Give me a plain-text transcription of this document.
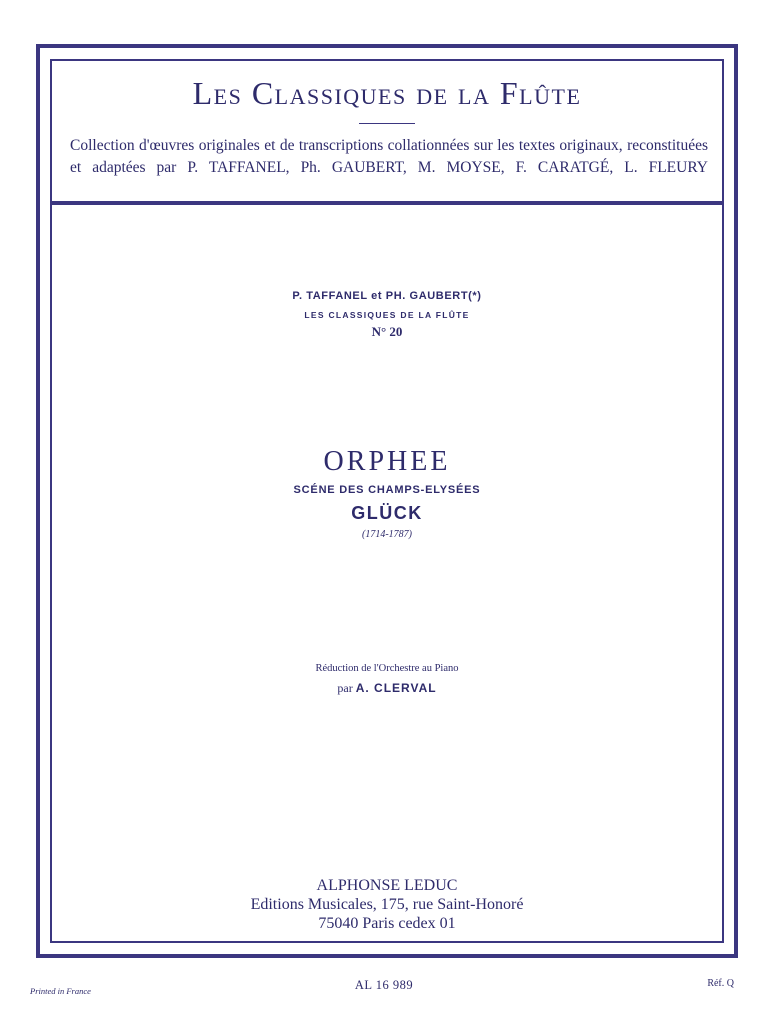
Les Classiques de la Flûte
Collection d'œuvres originales et de transcriptions collationnées sur les textes originaux, reconstituées
et adaptées par P. TAFFANEL, Ph. GAUBERT, M. MOYSE, F. CARATGÉ, L. FLEURY
P. TAFFANEL et PH. GAUBERT(*)
LES CLASSIQUES DE LA FLÛTE
N° 20
ORPHEE
SCÉNE DES CHAMPS-ELYSÉES
GLÜCK
(1714-1787)
Réduction de l'Orchestre au Piano
par A. CLERVAL
ALPHONSE LEDUC
Editions Musicales, 175, rue Saint-Honoré
75040 Paris cedex 01
Printed in France	AL 16 989	Réf. Q
